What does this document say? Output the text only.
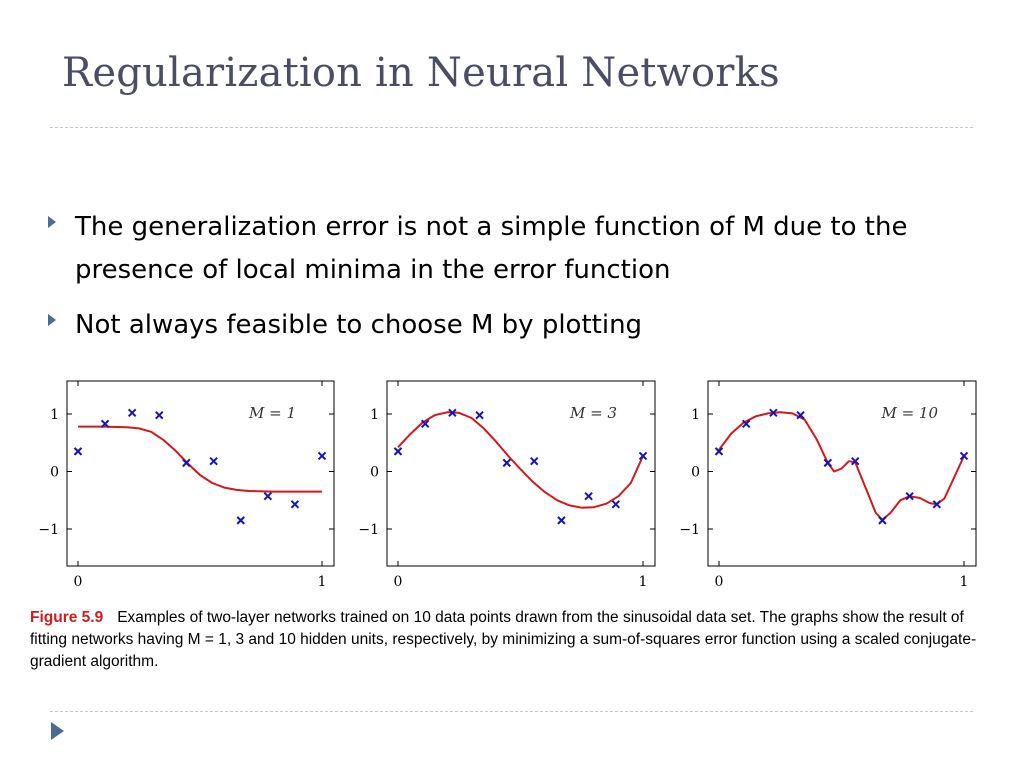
Regularization in Neural Networks
The generalization error is not a simple function of M due to the presence of local minima in the error function
Not always feasible to choose M by plotting
1
0
−1
0	1
M = 1	1
0
−1
0	1
M = 3	1
0
−1
0	1
M = 10
Figure 5.9 Examples of two-layer networks trained on 10 data points drawn from the sinusoidal data set. The graphs show the result of fitting networks having M = 1, 3 and 10 hidden units, respectively, by minimizing a sum-of-squares error function using a scaled conjugate-gradient algorithm.
